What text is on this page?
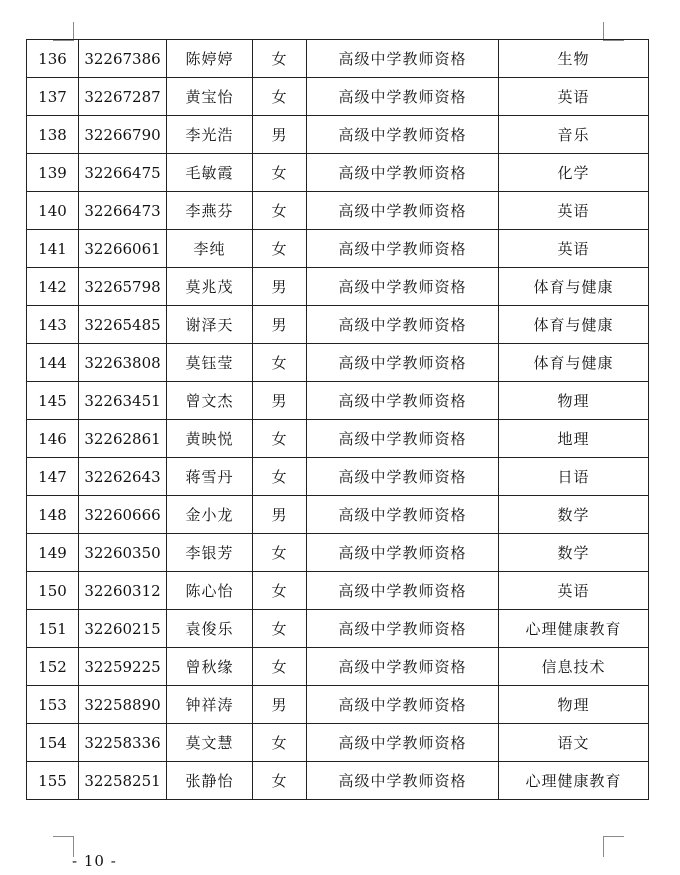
136	32267386	陈婷婷	女	高级中学教师资格	生物
137	32267287	黄宝怡	女	高级中学教师资格	英语
138	32266790	李光浩	男	高级中学教师资格	音乐
139	32266475	毛敏霞	女	高级中学教师资格	化学
140	32266473	李燕芬	女	高级中学教师资格	英语
141	32266061	李纯	女	高级中学教师资格	英语
142	32265798	莫兆茂	男	高级中学教师资格	体育与健康
143	32265485	谢泽天	男	高级中学教师资格	体育与健康
144	32263808	莫钰莹	女	高级中学教师资格	体育与健康
145	32263451	曾文杰	男	高级中学教师资格	物理
146	32262861	黄映悦	女	高级中学教师资格	地理
147	32262643	蒋雪丹	女	高级中学教师资格	日语
148	32260666	金小龙	男	高级中学教师资格	数学
149	32260350	李银芳	女	高级中学教师资格	数学
150	32260312	陈心怡	女	高级中学教师资格	英语
151	32260215	袁俊乐	女	高级中学教师资格	心理健康教育
152	32259225	曾秋缘	女	高级中学教师资格	信息技术
153	32258890	钟祥涛	男	高级中学教师资格	物理
154	32258336	莫文慧	女	高级中学教师资格	语文
155	32258251	张静怡	女	高级中学教师资格	心理健康教育
- 10 -
